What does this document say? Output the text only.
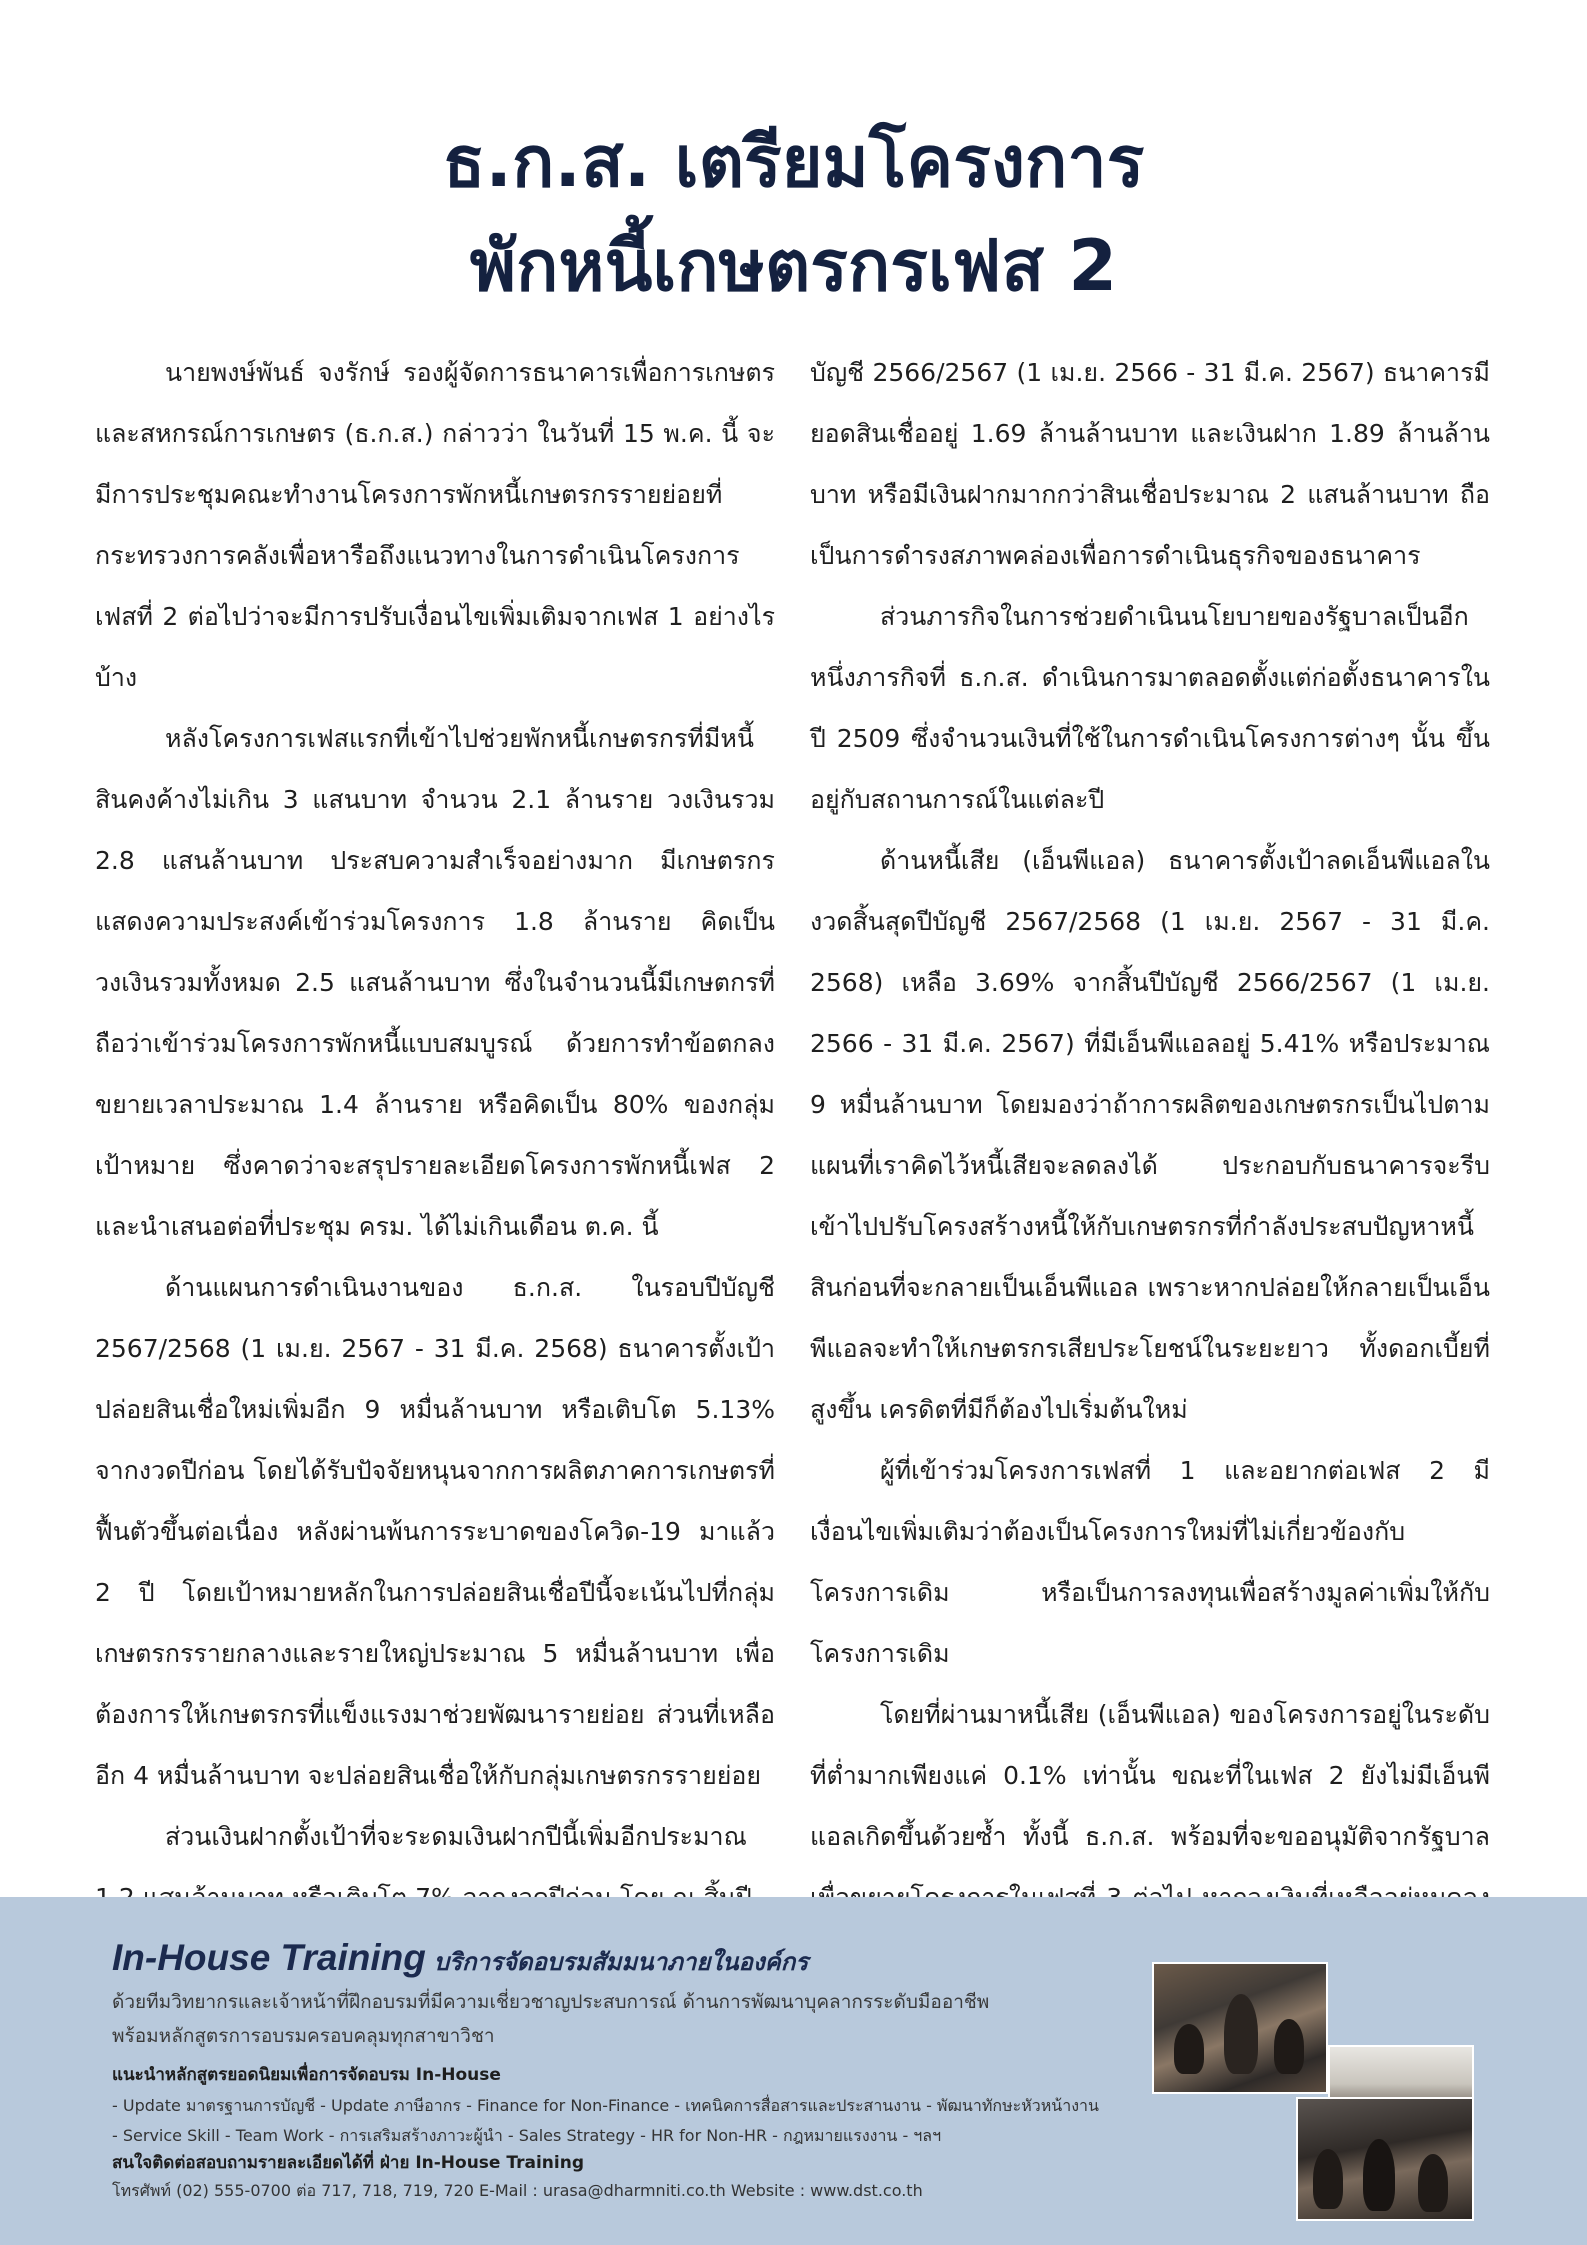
ธ.ก.ส. เตรียมโครงการ
พักหนี้เกษตรกรเฟส 2

นายพงษ์พันธ์ จงรักษ์ รองผู้จัดการธนาคารเพื่อการเกษตรและสหกรณ์การเกษตร (ธ.ก.ส.) กล่าวว่า ในวันที่ 15 พ.ค. นี้ จะมีการประชุมคณะทำงานโครงการพักหนี้เกษตรกรรายย่อยที่กระทรวงการคลังเพื่อหารือถึงแนวทางในการดำเนินโครงการเฟสที่ 2 ต่อไปว่าจะมีการปรับเงื่อนไขเพิ่มเติมจากเฟส 1 อย่างไรบ้าง

หลังโครงการเฟสแรกที่เข้าไปช่วยพักหนี้เกษตรกรที่มีหนี้สินคงค้างไม่เกิน 3 แสนบาท จำนวน 2.1 ล้านราย วงเงินรวม 2.8 แสนล้านบาท ประสบความสำเร็จอย่างมาก มีเกษตรกรแสดงความประสงค์เข้าร่วมโครงการ 1.8 ล้านราย คิดเป็นวงเงินรวมทั้งหมด 2.5 แสนล้านบาท ซึ่งในจำนวนนี้มีเกษตกรที่ถือว่าเข้าร่วมโครงการพักหนี้แบบสมบูรณ์ ด้วยการทำข้อตกลงขยายเวลาประมาณ 1.4 ล้านราย หรือคิดเป็น 80% ของกลุ่มเป้าหมาย ซึ่งคาดว่าจะสรุปรายละเอียดโครงการพักหนี้เฟส 2 และนำเสนอต่อที่ประชุม ครม. ได้ไม่เกินเดือน ต.ค. นี้

ด้านแผนการดำเนินงานของ ธ.ก.ส. ในรอบปีบัญชี 2567/2568 (1 เม.ย. 2567 - 31 มี.ค. 2568) ธนาคารตั้งเป้าปล่อยสินเชื่อใหม่เพิ่มอีก 9 หมื่นล้านบาท หรือเติบโต 5.13% จากงวดปีก่อน โดยได้รับปัจจัยหนุนจากการผลิตภาคการเกษตรที่ฟื้นตัวขึ้นต่อเนื่อง หลังผ่านพ้นการระบาดของโควิด-19 มาแล้ว 2 ปี โดยเป้าหมายหลักในการปล่อยสินเชื่อปีนี้จะเน้นไปที่กลุ่มเกษตรกรรายกลางและรายใหญ่ประมาณ 5 หมื่นล้านบาท เพื่อต้องการให้เกษตรกรที่แข็งแรงมาช่วยพัฒนารายย่อย ส่วนที่เหลืออีก 4 หมื่นล้านบาท จะปล่อยสินเชื่อให้กับกลุ่มเกษตรกรรายย่อย

ส่วนเงินฝากตั้งเป้าที่จะระดมเงินฝากปีนี้เพิ่มอีกประมาณ

บัญชี 2566/2567 (1 เม.ย. 2566 - 31 มี.ค. 2567) ธนาคารมียอดสินเชื่ออยู่ 1.69 ล้านล้านบาท และเงินฝาก 1.89 ล้านล้านบาท หรือมีเงินฝากมากกว่าสินเชื่อประมาณ 2 แสนล้านบาท ถือเป็นการดำรงสภาพคล่องเพื่อการดำเนินธุรกิจของธนาคาร

ส่วนภารกิจในการช่วยดำเนินนโยบายของรัฐบาลเป็นอีกหนึ่งภารกิจที่ ธ.ก.ส. ดำเนินการมาตลอดตั้งแต่ก่อตั้งธนาคารในปี 2509 ซึ่งจำนวนเงินที่ใช้ในการดำเนินโครงการต่างๆ นั้น ขึ้นอยู่กับสถานการณ์ในแต่ละปี

ด้านหนี้เสีย (เอ็นพีแอล) ธนาคารตั้งเป้าลดเอ็นพีแอลในงวดสิ้นสุดปีบัญชี 2567/2568 (1 เม.ย. 2567 - 31 มี.ค. 2568) เหลือ 3.69% จากสิ้นปีบัญชี 2566/2567 (1 เม.ย. 2566 - 31 มี.ค. 2567) ที่มีเอ็นพีแอลอยู่ 5.41% หรือประมาณ 9 หมื่นล้านบาท โดยมองว่าถ้าการผลิตของเกษตรกรเป็นไปตามแผนที่เราคิดไว้หนี้เสียจะลดลงได้ ประกอบกับธนาคารจะรีบเข้าไปปรับโครงสร้างหนี้ให้กับเกษตรกรที่กำลังประสบปัญหาหนี้สินก่อนที่จะกลายเป็นเอ็นพีแอล เพราะหากปล่อยให้กลายเป็นเอ็นพีแอลจะทำให้เกษตรกรเสียประโยชน์ในระยะยาว ทั้งดอกเบี้ยที่สูงขึ้น เครดิตที่มีก็ต้องไปเริ่มต้นใหม่

ผู้ที่เข้าร่วมโครงการเฟสที่ 1 และอยากต่อเฟส 2 มีเงื่อนไขเพิ่มเติมว่าต้องเป็นโครงการใหม่ที่ไม่เกี่ยวข้องกับโครงการเดิม หรือเป็นการลงทุนเพื่อสร้างมูลค่าเพิ่มให้กับโครงการเดิม

โดยที่ผ่านมาหนี้เสีย (เอ็นพีแอล) ของโครงการอยู่ในระดับที่ต่ำมากเพียงแค่ 0.1% เท่านั้น ขณะที่ในเฟส 2 ยังไม่มีเอ็นพีแอลเกิดขึ้นด้วยซ้ำ ทั้งนี้ ธ.ก.ส. พร้อมที่จะขออนุมัติจากรัฐบาล

In-House Training บริการจัดอบรมสัมมนาภายในองค์กร
ด้วยทีมวิทยากรและเจ้าหน้าที่ฝึกอบรมที่มีความเชี่ยวชาญประสบการณ์ ด้านการพัฒนาบุคลากรระดับมืออาชีพ
พร้อมหลักสูตรการอบรมครอบคลุมทุกสาขาวิชา
แนะนำหลักสูตรยอดนิยมเพื่อการจัดอบรม In-House
- Update มาตรฐานการบัญชี - Update ภาษีอากร - Finance for Non-Finance - เทคนิคการสื่อสารและประสานงาน - พัฒนาทักษะหัวหน้างาน
- Service Skill - Team Work - การเสริมสร้างภาวะผู้นำ - Sales Strategy - HR for Non-HR - กฎหมายแรงงาน - ฯลฯ
สนใจติดต่อสอบถามรายละเอียดได้ที่ ฝ่าย In-House Training
โทรศัพท์ (02) 555-0700 ต่อ 717, 718, 719, 720 E-Mail : urasa@dharmniti.co.th Website : www.dst.co.th
